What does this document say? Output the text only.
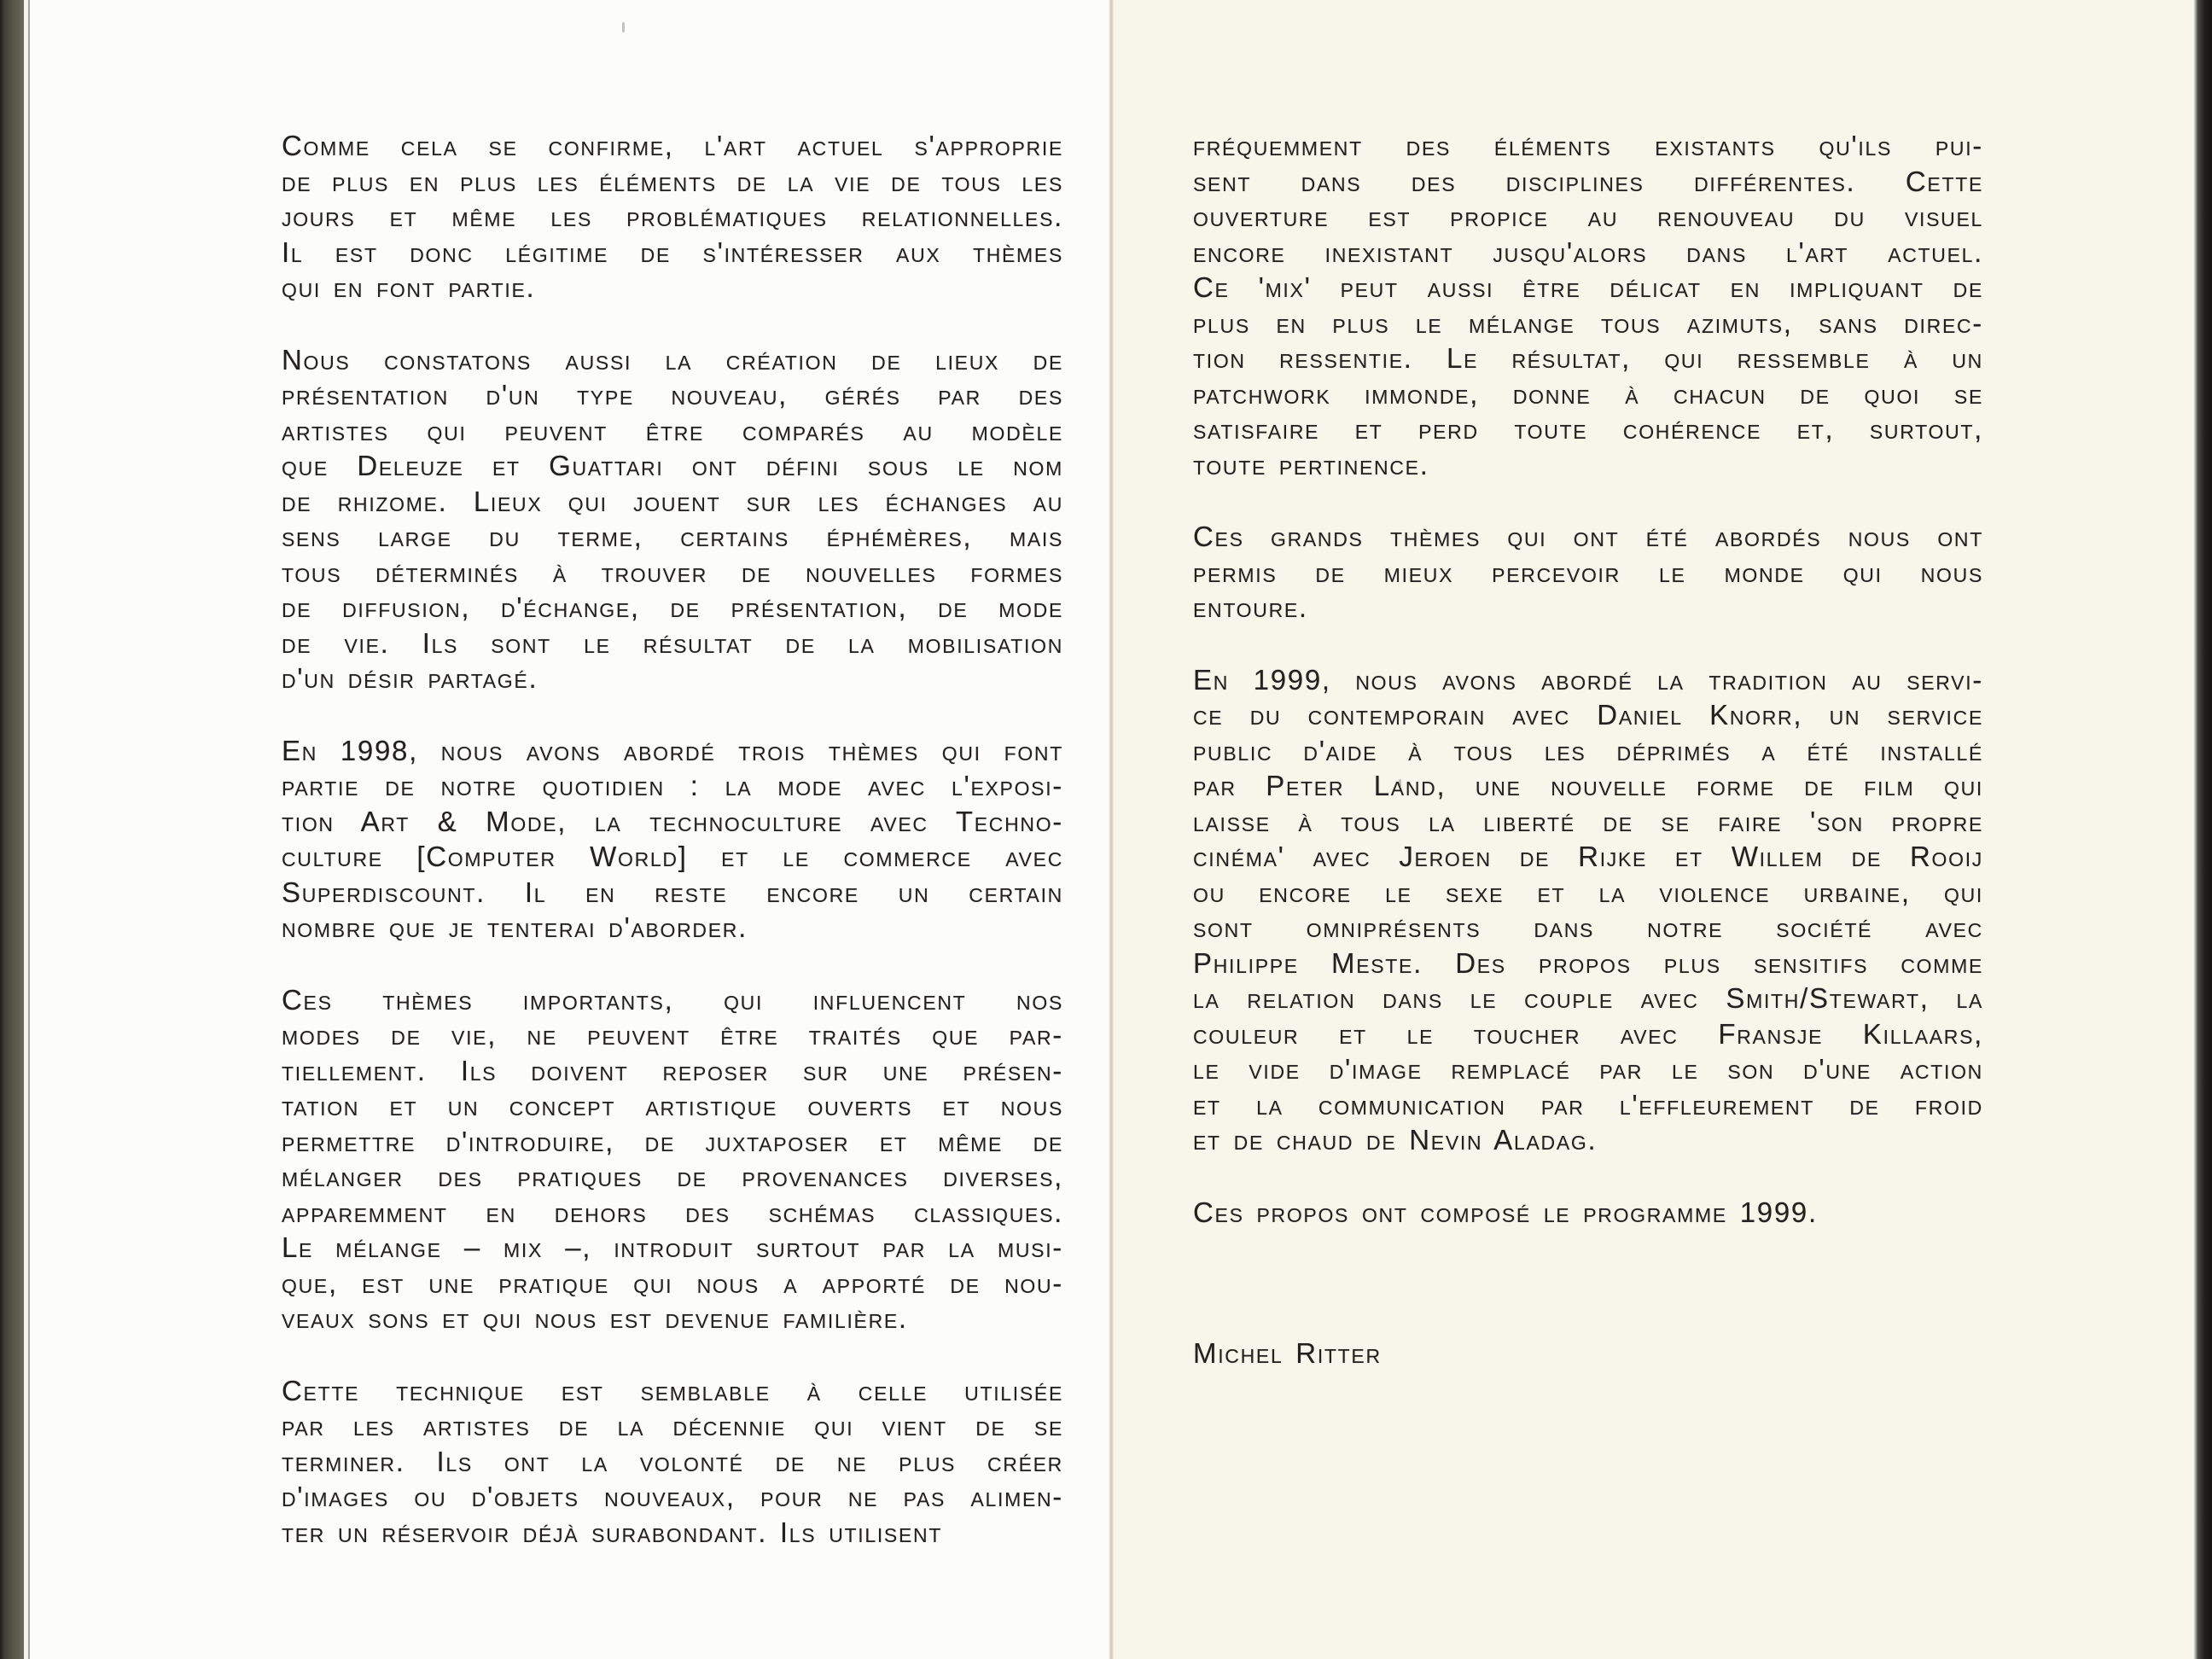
Comme cela se confirme, l'art actuel s'approprie
de plus en plus les éléments de la vie de tous les
jours et même les problématiques relationnelles.
Il est donc légitime de s'intéresser aux thèmes
qui en font partie.
Nous constatons aussi la création de lieux de
présentation d'un type nouveau, gérés par des
artistes qui peuvent être comparés au modèle
que Deleuze et Guattari ont défini sous le nom
de rhizome. Lieux qui jouent sur les échanges au
sens large du terme, certains éphémères, mais
tous déterminés à trouver de nouvelles formes
de diffusion, d'échange, de présentation, de mode
de vie. Ils sont le résultat de la mobilisation
d'un désir partagé.
En 1998, nous avons abordé trois thèmes qui font
partie de notre quotidien : la mode avec l'exposi-
tion Art & Mode, la technoculture avec Techno-
culture [Computer World] et le commerce avec
Superdiscount. Il en reste encore un certain
nombre que je tenterai d'aborder.
Ces thèmes importants, qui influencent nos
modes de vie, ne peuvent être traités que par-
tiellement. Ils doivent reposer sur une présen-
tation et un concept artistique ouverts et nous
permettre d'introduire, de juxtaposer et même de
mélanger des pratiques de provenances diverses,
apparemment en dehors des schémas classiques.
Le mélange – mix –, introduit surtout par la musi-
que, est une pratique qui nous a apporté de nou-
veaux sons et qui nous est devenue familière.
Cette technique est semblable à celle utilisée
par les artistes de la décennie qui vient de se
terminer. Ils ont la volonté de ne plus créer
d'images ou d'objets nouveaux, pour ne pas alimen-
ter un réservoir déjà surabondant. Ils utilisent
fréquemment des éléments existants qu'ils pui-
sent dans des disciplines différentes. Cette
ouverture est propice au renouveau du visuel
encore inexistant jusqu'alors dans l'art actuel.
Ce 'mix' peut aussi être délicat en impliquant de
plus en plus le mélange tous azimuts, sans direc-
tion ressentie. Le résultat, qui ressemble à un
patchwork immonde, donne à chacun de quoi se
satisfaire et perd toute cohérence et, surtout,
toute pertinence.
Ces grands thèmes qui ont été abordés nous ont
permis de mieux percevoir le monde qui nous
entoure.
En 1999, nous avons abordé la tradition au servi-
ce du contemporain avec Daniel Knorr, un service
public d'aide à tous les déprimés a été installé
par Peter Land, une nouvelle forme de film qui
laisse à tous la liberté de se faire 'son propre
cinéma' avec Jeroen de Rijke et Willem de Rooij
ou encore le sexe et la violence urbaine, qui
sont omniprésents dans notre société avec
Philippe Meste. Des propos plus sensitifs comme
la relation dans le couple avec Smith/Stewart, la
couleur et le toucher avec Fransje Killaars,
le vide d'image remplacé par le son d'une action
et la communication par l'effleurement de froid
et de chaud de Nevin Aladag.
Ces propos ont composé le programme 1999.
Michel Ritter
